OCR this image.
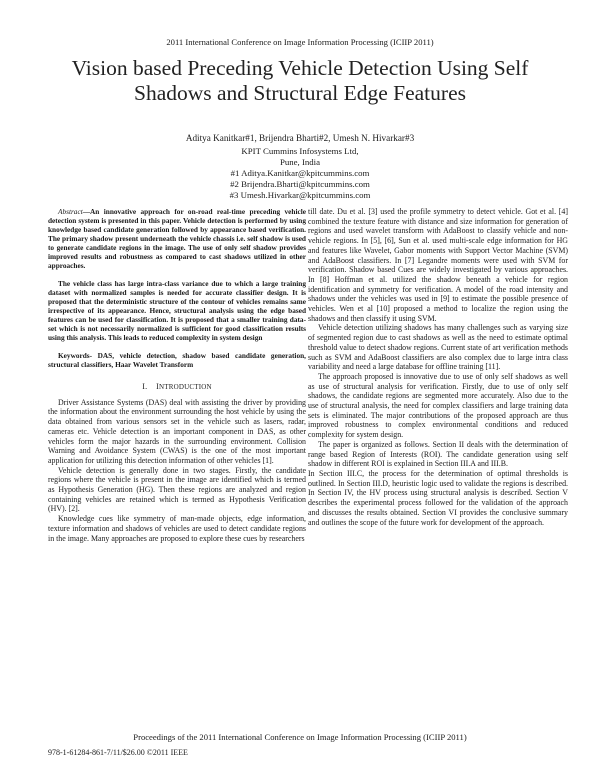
2011 International Conference on Image Information Processing (ICIIP 2011)
Vision based Preceding Vehicle Detection Using Self
Shadows and Structural Edge Features
Aditya Kanitkar#1, Brijendra Bharti#2, Umesh N. Hivarkar#3
KPIT Cummins Infosystems Ltd,
Pune, India
#1 Aditya.Kanitkar@kpitcummins.com
#2 Brijendra.Bharti@kpitcummins.com
#3 Umesh.Hivarkar@kpitcummins.com

Abstract—An innovative approach for on-road real-time preceding vehicle detection system is presented in this paper. Vehicle detection is performed by using knowledge based candidate generation followed by appearance based verification. The primary shadow present underneath the vehicle chassis i.e. self shadow is used to generate candidate regions in the image. The use of only self shadow provides improved results and robustness as compared to cast shadows utilized in other approaches.

The vehicle class has large intra-class variance due to which a large training dataset with normalized samples is needed for accurate classifier design. It is proposed that the deterministic structure of the contour of vehicles remains same irrespective of its appearance. Hence, structural analysis using the edge based features can be used for classification. It is proposed that a smaller training data-set which is not necessarily normalized is sufficient for good classification results using this analysis. This leads to reduced complexity in system design

Keywords- DAS, vehicle detection, shadow based candidate generation, structural classifiers, Haar Wavelet Transform

I. INTRODUCTION

Driver Assistance Systems (DAS) deal with assisting the driver by providing the information about the environment surrounding the host vehicle by using the data obtained from various sensors set in the vehicle such as lasers, radar, cameras etc. Vehicle detection is an important component in DAS, as other vehicles form the major hazards in the surrounding environment. Collision Warning and Avoidance System (CWAS) is the one of the most important application for utilizing this detection information of other vehicles [1].

Vehicle detection is generally done in two stages. Firstly, the candidate regions where the vehicle is present in the image are identified which is termed as Hypothesis Generation (HG). Then these regions are analyzed and region containing vehicles are retained which is termed as Hypothesis Verification (HV). [2].

Knowledge cues like symmetry of man-made objects, edge information, texture information and shadows of vehicles are used to detect candidate regions in the image. Many approaches are proposed to explore these cues by researchers

till date. Du et al. [3] used the profile symmetry to detect vehicle. Got et al. [4] combined the texture feature with distance and size information for generation of regions and used wavelet transform with AdaBoost to classify vehicle and non-vehicle regions. In [5], [6], Sun et al. used multi-scale edge information for HG and features like Wavelet, Gabor moments with Support Vector Machine (SVM) and AdaBoost classifiers. In [7] Legandre moments were used with SVM for verification. Shadow based Cues are widely investigated by various approaches. In [8] Hoffman et al. utilized the shadow beneath a vehicle for region identification and symmetry for verification. A model of the road intensity and shadows under the vehicles was used in [9] to estimate the possible presence of vehicles. Wen et al [10] proposed a method to localize the region using the shadows and then classify it using SVM.

Vehicle detection utilizing shadows has many challenges such as varying size of segmented region due to cast shadows as well as the need to estimate optimal threshold value to detect shadow regions. Current state of art verification methods such as SVM and AdaBoost classifiers are also complex due to large intra class variability and need a large database for offline training [11].

The approach proposed is innovative due to use of only self shadows as well as use of structural analysis for verification. Firstly, due to use of only self shadows, the candidate regions are segmented more accurately. Also due to the use of structural analysis, the need for complex classifiers and large training data sets is eliminated. The major contributions of the proposed approach are thus improved robustness to complex environmental conditions and reduced complexity for system design.

The paper is organized as follows. Section II deals with the determination of range based Region of Interests (ROI). The candidate generation using self shadow in different ROI is explained in Section III.A and III.B.

In Section III.C, the process for the determination of optimal thresholds is outlined. In Section III.D, heuristic logic used to validate the regions is described. In Section IV, the HV process using structural analysis is described. Section V describes the experimental process followed for the validation of the approach and discusses the results obtained. Section VI provides the conclusive summary and outlines the scope of the future work for development of the approach.

Proceedings of the 2011 International Conference on Image Information Processing (ICIIP 2011)
978-1-61284-861-7/11/$26.00 ©2011 IEEE
